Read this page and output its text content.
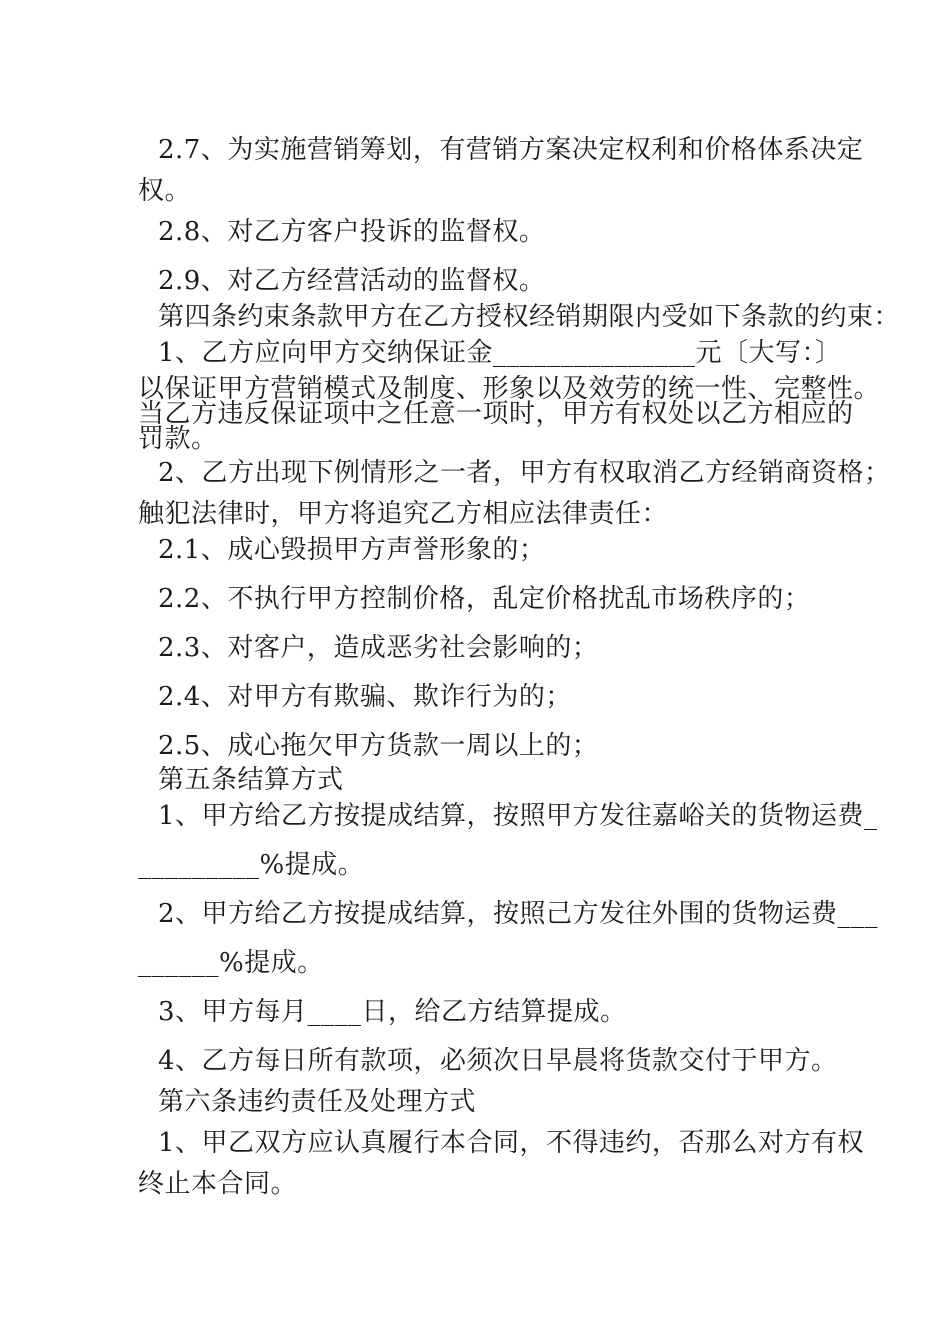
2.7、为实施营销筹划，有营销方案决定权利和价格体系决定

权。

2.8、对乙方客户投诉的监督权。

2.9、对乙方经营活动的监督权。

第四条约束条款甲方在乙方授权经销期限内受如下条款的约束：

1、乙方应向甲方交纳保证金_______________元〔大写：〕

以保证甲方营销模式及制度、形象以及效劳的统一性、完整性。

当乙方违反保证项中之任意一项时，甲方有权处以乙方相应的

罚款。

2、乙方出现下例情形之一者，甲方有权取消乙方经销商资格；

触犯法律时，甲方将追究乙方相应法律责任：

2.1、成心毁损甲方声誉形象的；

2.2、不执行甲方控制价格，乱定价格扰乱市场秩序的；

2.3、对客户，造成恶劣社会影响的；

2.4、对甲方有欺骗、欺诈行为的；

2.5、成心拖欠甲方货款一周以上的；

第五条结算方式

1、甲方给乙方按提成结算，按照甲方发往嘉峪关的货物运费_

_________%提成。

2、甲方给乙方按提成结算，按照己方发往外围的货物运费___

______%提成。

3、甲方每月____日，给乙方结算提成。

4、乙方每日所有款项，必须次日早晨将货款交付于甲方。

第六条违约责任及处理方式

1、甲乙双方应认真履行本合同，不得违约，否那么对方有权

终止本合同。
